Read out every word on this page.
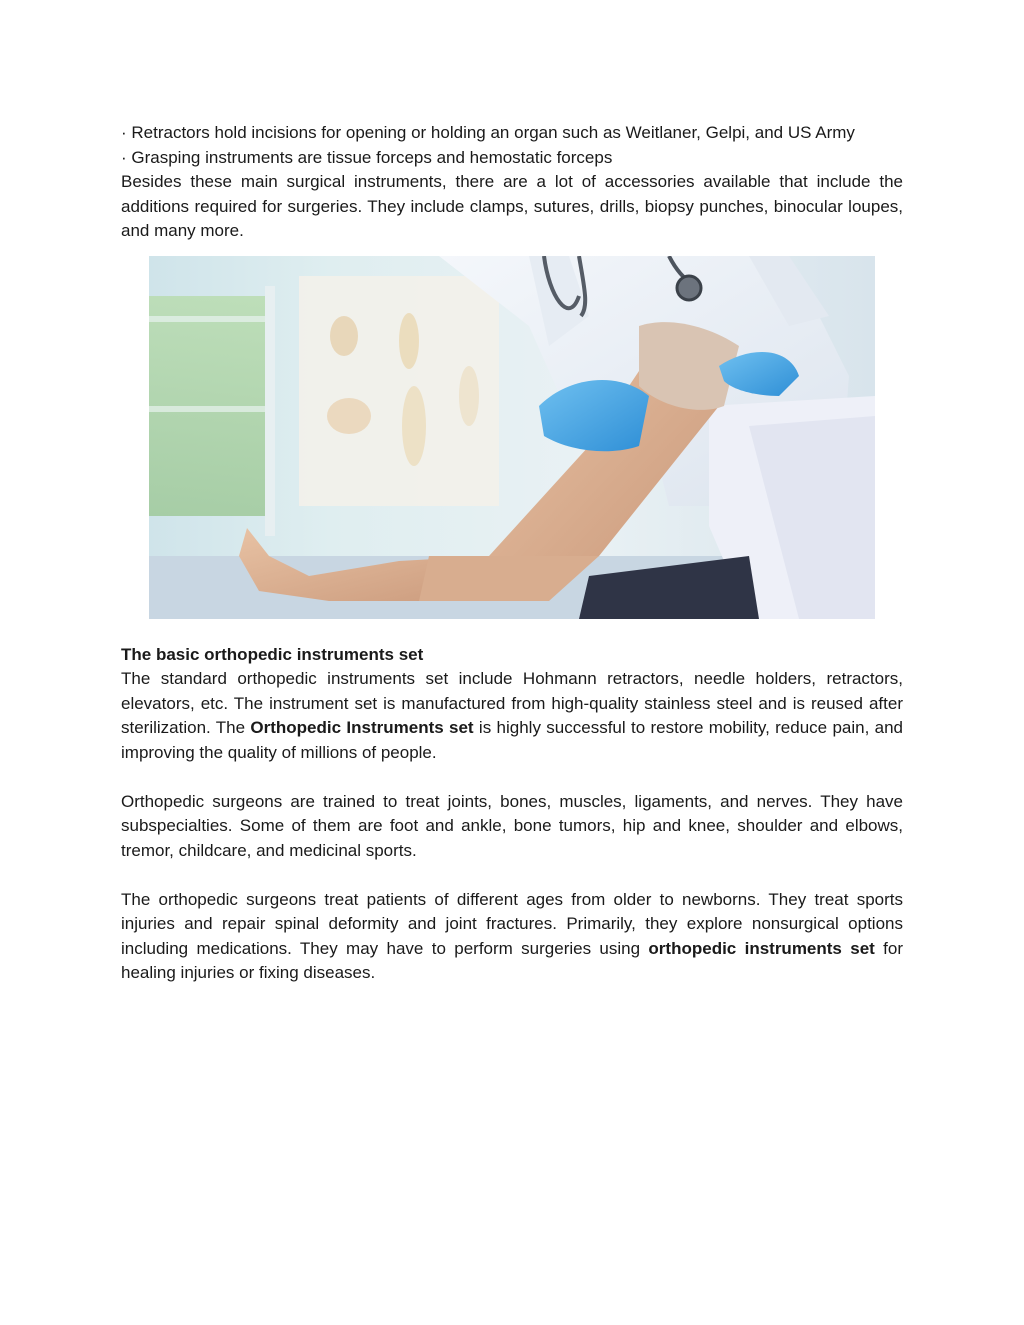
· Retractors hold incisions for opening or holding an organ such as Weitlaner, Gelpi, and US Army

· Grasping instruments are tissue forceps and hemostatic forceps

Besides these main surgical instruments, there are a lot of accessories available that include the additions required for surgeries. They include clamps, sutures, drills, biopsy punches, binocular loupes, and many more.

The basic orthopedic instruments set

The standard orthopedic instruments set include Hohmann retractors, needle holders, retractors, elevators, etc. The instrument set is manufactured from high-quality stainless steel and is reused after sterilization. The Orthopedic Instruments set is highly successful to restore mobility, reduce pain, and improving the quality of millions of people.

Orthopedic surgeons are trained to treat joints, bones, muscles, ligaments, and nerves. They have subspecialties. Some of them are foot and ankle, bone tumors, hip and knee, shoulder and elbows, tremor, childcare, and medicinal sports.

The orthopedic surgeons treat patients of different ages from older to newborns. They treat sports injuries and repair spinal deformity and joint fractures. Primarily, they explore nonsurgical options including medications. They may have to perform surgeries using orthopedic instruments set for healing injuries or fixing diseases.
